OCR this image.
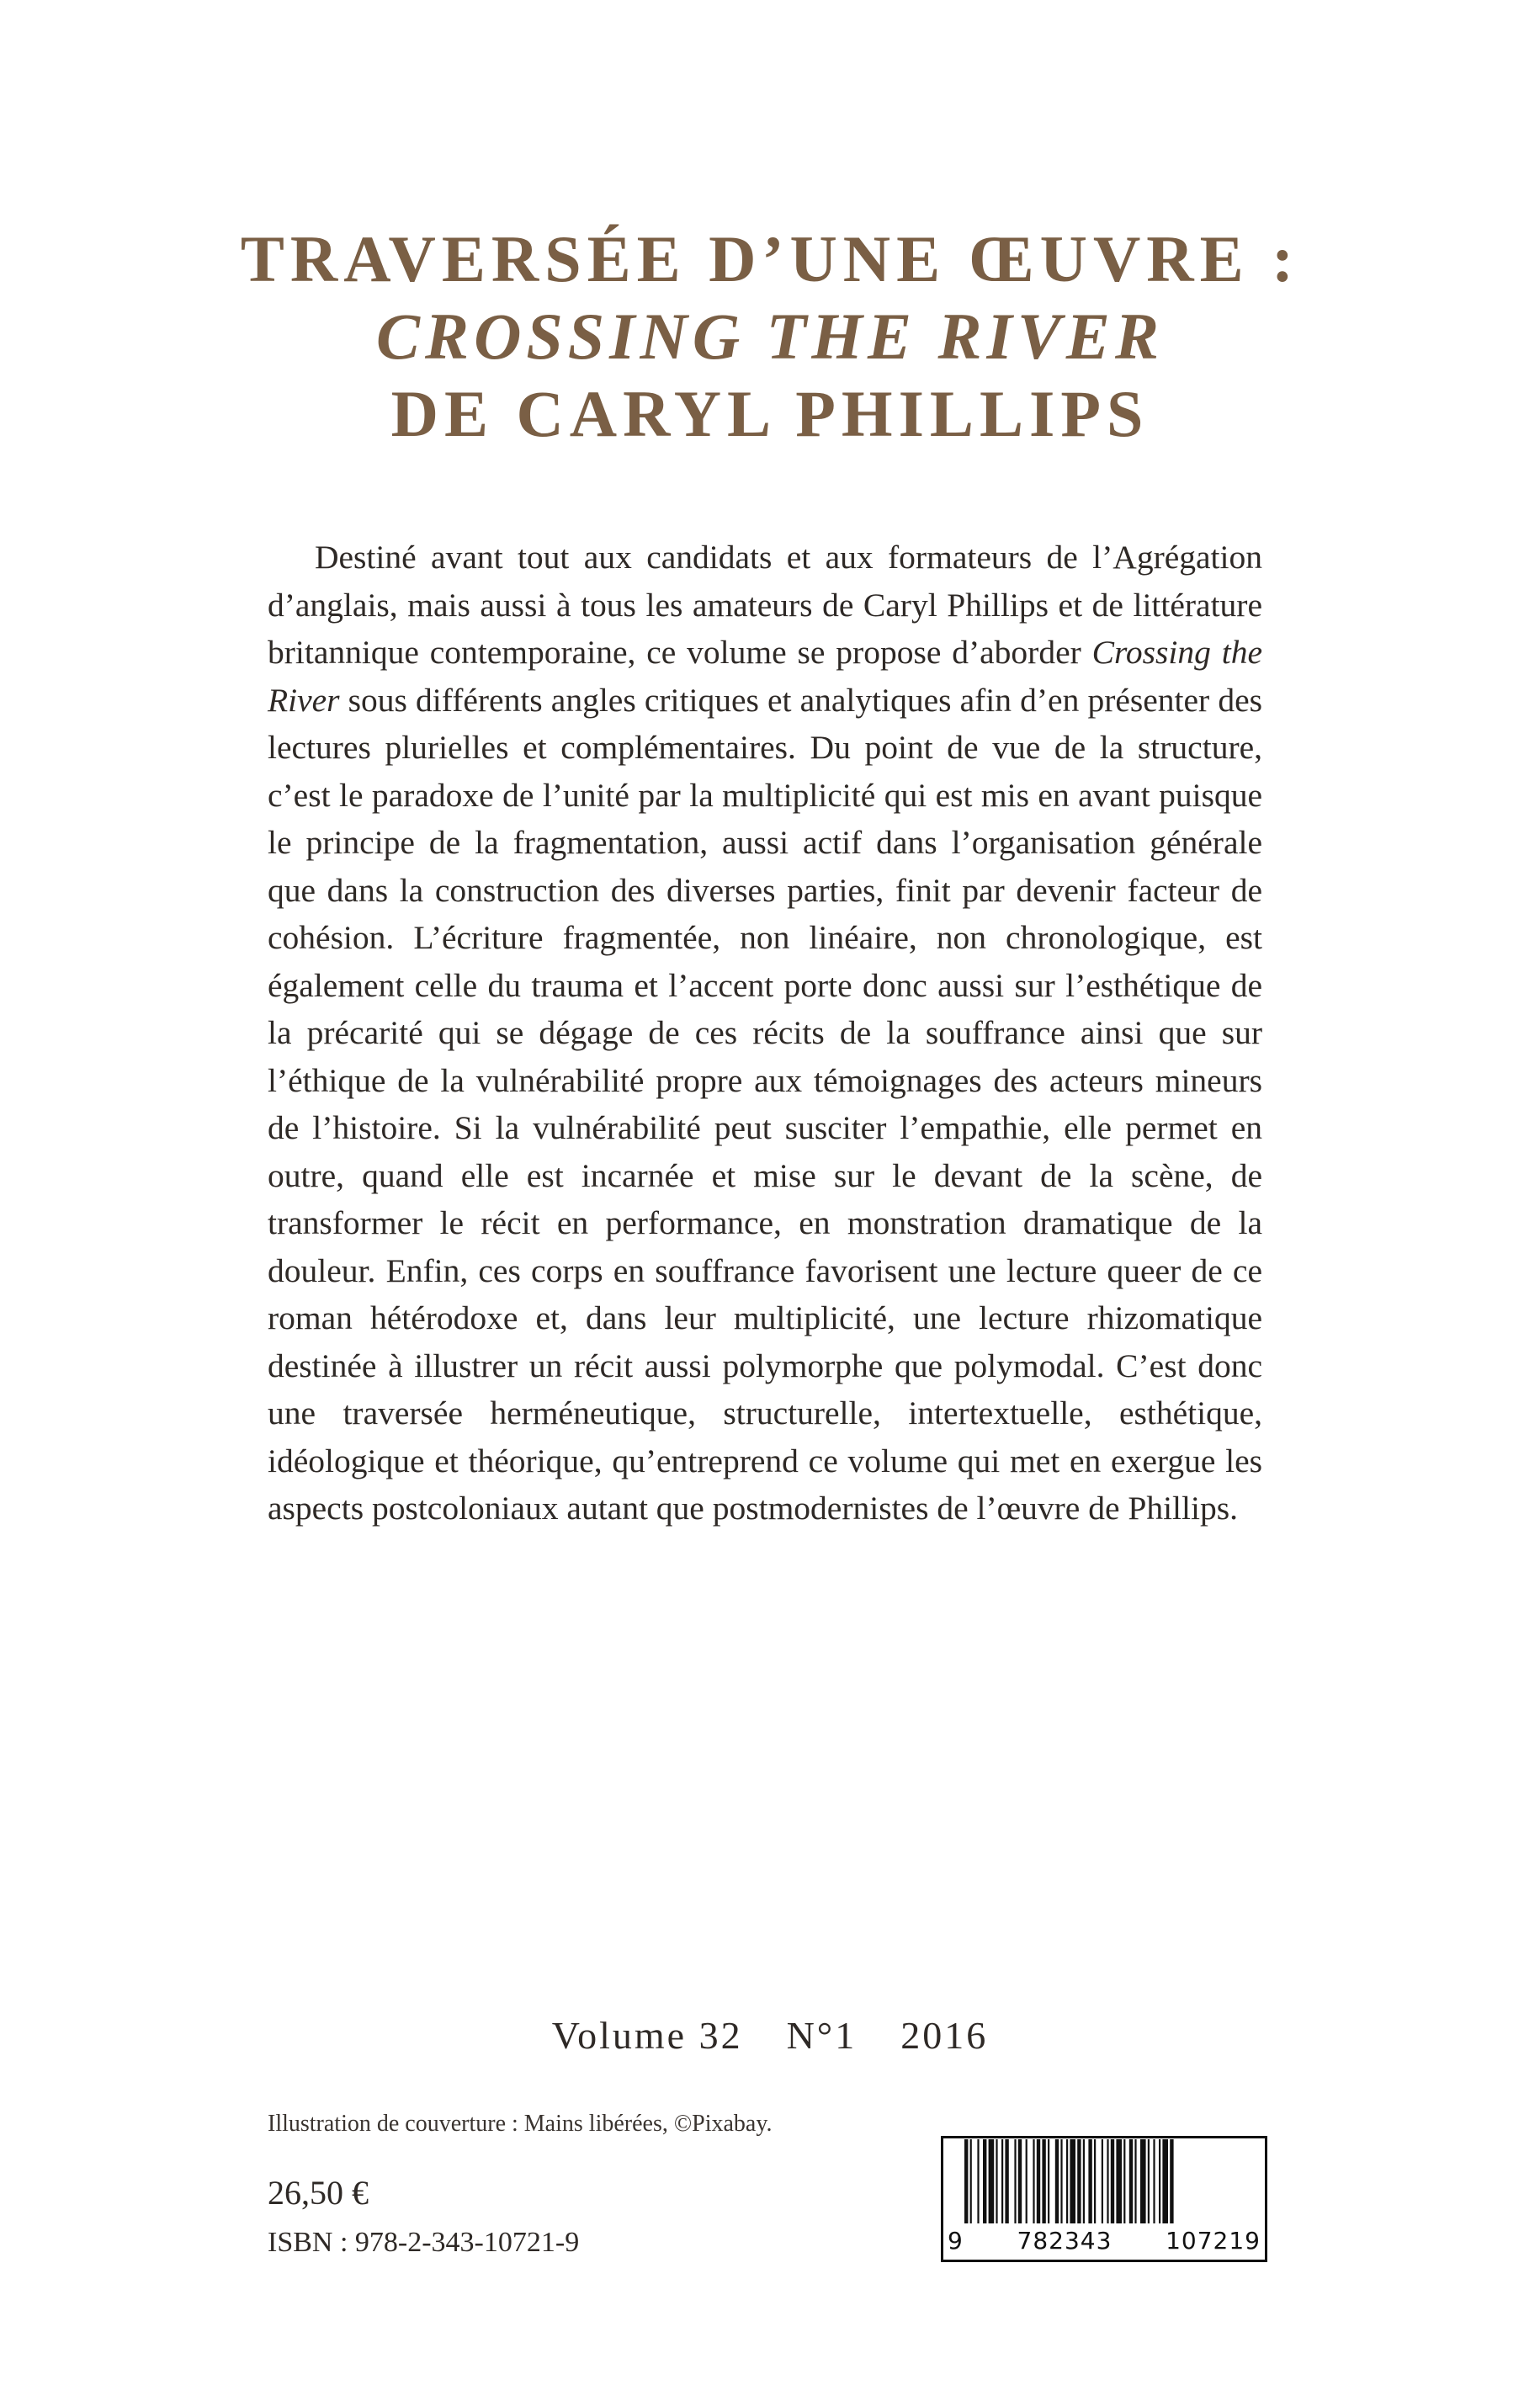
TRAVERSÉE D’UNE ŒUVRE :
CROSSING THE RIVER
DE CARYL PHILLIPS

Destiné avant tout aux candidats et aux formateurs de l’Agrégation d’anglais, mais aussi à tous les amateurs de Caryl Phillips et de littérature britannique contemporaine, ce volume se propose d’aborder Crossing the River sous différents angles critiques et analytiques afin d’en présenter des lectures plurielles et complémentaires. Du point de vue de la structure, c’est le paradoxe de l’unité par la multiplicité qui est mis en avant puisque le principe de la fragmentation, aussi actif dans l’organisation générale que dans la construction des diverses parties, finit par devenir facteur de cohésion. L’écriture fragmentée, non linéaire, non chronologique, est également celle du trauma et l’accent porte donc aussi sur l’esthétique de la précarité qui se dégage de ces récits de la souffrance ainsi que sur l’éthique de la vulnérabilité propre aux témoignages des acteurs mineurs de l’histoire. Si la vulnérabilité peut susciter l’empathie, elle permet en outre, quand elle est incarnée et mise sur le devant de la scène, de transformer le récit en performance, en monstration dramatique de la douleur. Enfin, ces corps en souffrance favorisent une lecture queer de ce roman hétérodoxe et, dans leur multiplicité, une lecture rhizomatique destinée à illustrer un récit aussi polymorphe que polymodal. C’est donc une traversée herméneutique, structurelle, intertextuelle, esthétique, idéologique et théorique, qu’entreprend ce volume qui met en exergue les aspects postcoloniaux autant que postmodernistes de l’œuvre de Phillips.

Volume 32 N°1 2016
Illustration de couverture : Mains libérées, ©Pixabay.
26,50 €
ISBN : 978-2-343-10721-9	9 782343 107219
